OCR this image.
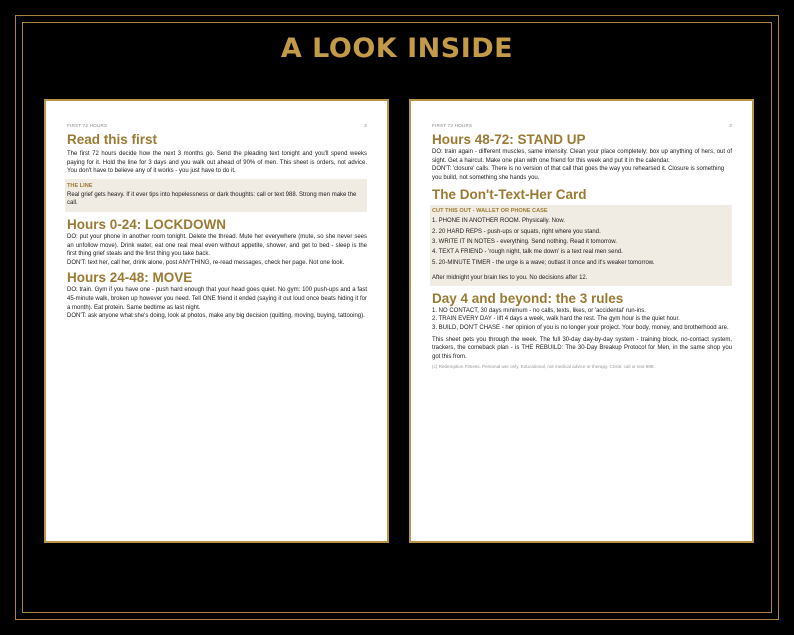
A LOOK INSIDE
FIRST 72 HOURS	2
Read this first

The first 72 hours decide how the next 3 months go. Send the pleading text tonight and you'll spend weeks paying for it. Hold the line for 3 days and you walk out ahead of 90% of men. This sheet is orders, not advice. You don't have to believe any of it works - you just have to do it.

THE LINE

Real grief gets heavy. If it ever tips into hopelessness or dark thoughts: call or text 988. Strong men make the call.

Hours 0-24: LOCKDOWN

DO: put your phone in another room tonight. Delete the thread. Mute her everywhere (mute, so she never sees an unfollow move). Drink water, eat one real meal even without appetite, shower, and get to bed - sleep is the first thing grief steals and the first thing you take back.

DON'T: text her, call her, drink alone, post ANYTHING, re-read messages, check her page. Not one look.

Hours 24-48: MOVE

DO: train. Gym if you have one - push hard enough that your head goes quiet. No gym: 100 push-ups and a fast 45-minute walk, broken up however you need. Tell ONE friend it ended (saying it out loud once beats hiding it for a month). Eat protein. Same bedtime as last night.

DON'T: ask anyone what she's doing, look at photos, make any big decision (quitting, moving, buying, tattooing).

FIRST 72 HOURS	3
Hours 48-72: STAND UP

DO: train again - different muscles, same intensity. Clean your place completely; box up anything of hers, out of sight. Get a haircut. Make one plan with one friend for this week and put it in the calendar.

DON'T: 'closure' calls. There is no version of that call that goes the way you rehearsed it. Closure is something you build, not something she hands you.

The Don't-Text-Her Card
CUT THIS OUT - WALLET OR PHONE CASE
1. PHONE IN ANOTHER ROOM. Physically. Now.
2. 20 HARD REPS - push-ups or squats, right where you stand.
3. WRITE IT IN NOTES - everything. Send nothing. Read it tomorrow.
4. TEXT A FRIEND - 'rough night, talk me down' is a text real men send.
5. 20-MINUTE TIMER - the urge is a wave; outlast it once and it's weaker tomorrow.
After midnight your brain lies to you. No decisions after 12.
Day 4 and beyond: the 3 rules

1. NO CONTACT, 30 days minimum - no calls, texts, likes, or 'accidental' run-ins.

2. TRAIN EVERY DAY - lift 4 days a week, walk hard the rest. The gym hour is the quiet hour.

3. BUILD, DON'T CHASE - her opinion of you is no longer your project. Your body, money, and brotherhood are.

This sheet gets you through the week. The full 30-day day-by-day system - training block, no-contact system, trackers, the comeback plan - is THE REBUILD: The 30-Day Breakup Protocol for Men, in the same shop you got this from.

(c) Redemption Fitness. Personal use only. Educational, not medical advice or therapy. Crisis: call or text 988.
